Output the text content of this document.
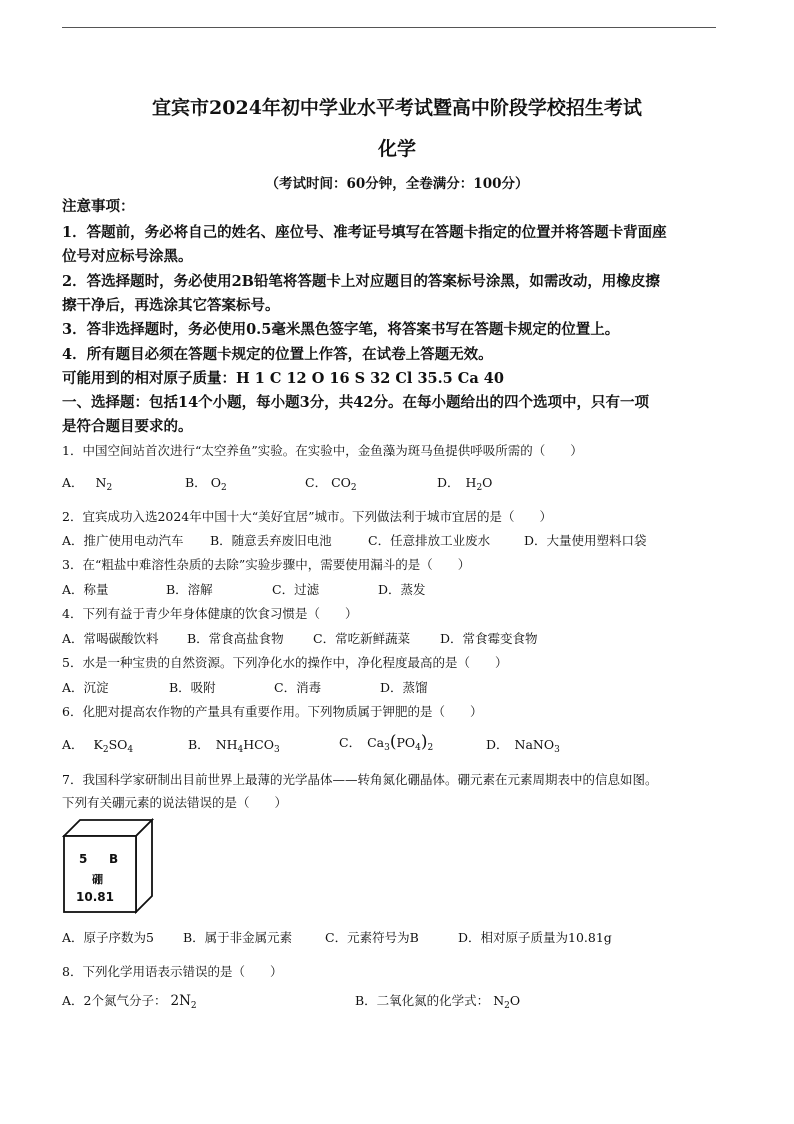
宜宾市2024年初中学业水平考试暨高中阶段学校招生考试
化学
（考试时间：60分钟，全卷满分：100分）
注意事项：
1．答题前，务必将自己的姓名、座位号、准考证号填写在答题卡指定的位置并将答题卡背面座
位号对应标号涂黑。
2．答选择题时，务必使用2B铅笔将答题卡上对应题目的答案标号涂黑，如需改动，用橡皮擦
擦干净后，再选涂其它答案标号。
3．答非选择题时，务必使用0.5毫米黑色签字笔，将答案书写在答题卡规定的位置上。
4．所有题目必须在答题卡规定的位置上作答，在试卷上答题无效。
可能用到的相对原子质量：H 1 C 12 O 16 S 32 Cl 35.5 Ca 40
一、选择题：包括14个小题，每小题3分，共42分。在每小题给出的四个选项中，只有一项
是符合题目要求的。
1．中国空间站首次进行“太空养鱼”实验。在实验中，金鱼藻为斑马鱼提供呼吸所需的（　　）
A． $N_2$	B． $O_2$	C． $CO_2$	D． $H_2O$
2．宜宾成功入选2024年中国十大“美好宜居”城市。下列做法利于城市宜居的是（　　）
A．推广使用电动汽车 B．随意丢弃废旧电池	C．任意排放工业废水	D．大量使用塑料口袋
3．在“粗盐中难溶性杂质的去除”实验步骤中，需要使用漏斗的是（　　）
A．称量	B．溶解	C．过滤	D．蒸发
4．下列有益于青少年身体健康的饮食习惯是（　　）
A．常喝碳酸饮料 B．常食高盐食物 C．常吃新鲜蔬菜 D．常食霉变食物
5．水是一种宝贵的自然资源。下列净化水的操作中，净化程度最高的是（　　）
A．沉淀	B．吸附	C．消毒	D．蒸馏
6．化肥对提高农作物的产量具有重要作用。下列物质属于钾肥的是（　　）
A． $K_2SO_4$	B． $NH_4HCO_3$	C． $Ca_3(PO_4)_2$	D． NaNO$_3$
7．我国科学家研制出目前世界上最薄的光学晶体——转角氮化硼晶体。硼元素在元素周期表中的信息如图。
下列有关硼元素的说法错误的是（　　）
5 B
硼
10.81
A．原子序数为5 B．属于非金属元素	C．元素符号为B	D．相对原子质量为10.81g
8．下列化学用语表示错误的是（　　）
A．2个氮气分子： $2N_2$	B．二氧化氮的化学式： $N_2O$
